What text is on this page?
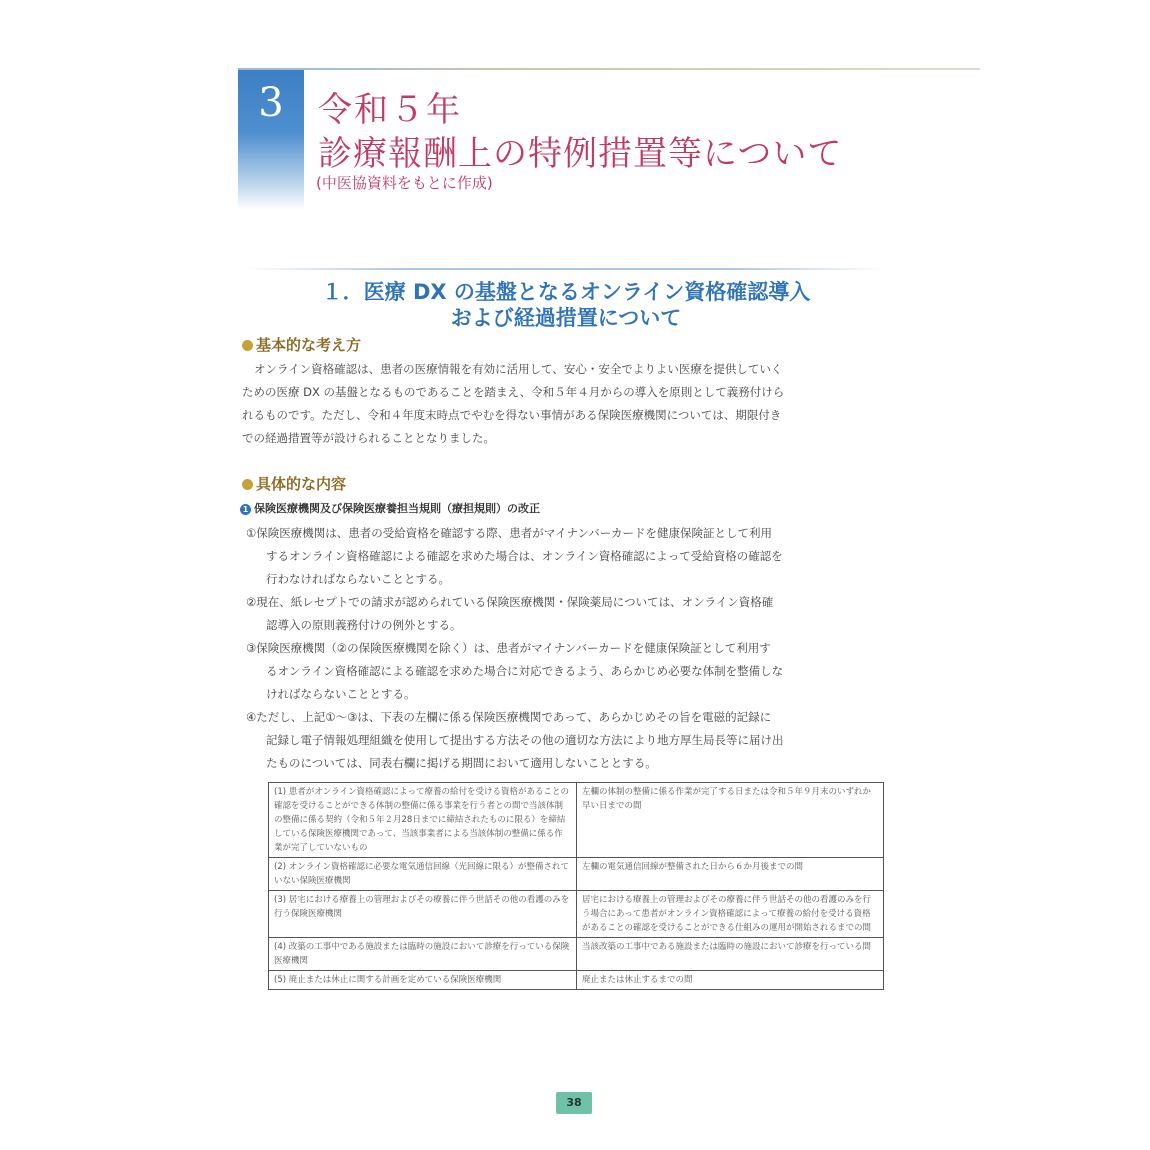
3	令和５年
診療報酬上の特例措置等について
(中医協資料をもとに作成)
１．医療 DX の基盤となるオンライン資格確認導入
および経過措置について
基本的な考え方

オンライン資格確認は、患者の医療情報を有効に活用して、安心・安全でよりよい医療を提供していく

ための医療 DX の基盤となるものであることを踏まえ、令和５年４月からの導入を原則として義務付けら

れるものです。ただし、令和４年度末時点でやむを得ない事情がある保険医療機関については、期限付き

での経過措置等が設けられることとなりました。

具体的な内容
1 保険医療機関及び保険医療養担当規則（療担規則）の改正

①保険医療機関は、患者の受給資格を確認する際、患者がマイナンバーカードを健康保険証として利用

するオンライン資格確認による確認を求めた場合は、オンライン資格確認によって受給資格の確認を

行わなければならないこととする。

②現在、紙レセプトでの請求が認められている保険医療機関・保険薬局については、オンライン資格確

認導入の原則義務付けの例外とする。

③保険医療機関（②の保険医療機関を除く）は、患者がマイナンバーカードを健康保険証として利用す

るオンライン資格確認による確認を求めた場合に対応できるよう、あらかじめ必要な体制を整備しな

ければならないこととする。

④ただし、上記①～③は、下表の左欄に係る保険医療機関であって、あらかじめその旨を電磁的記録に

記録し電子情報処理組織を使用して提出する方法その他の適切な方法により地方厚生局長等に届け出

たものについては、同表右欄に掲げる期間において適用しないこととする。

(1) 患者がオンライン資格確認によって療養の給付を受ける資格があることの確認を受けることができる体制の整備に係る事業を行う者との間で当該体制の整備に係る契約（令和５年２月28日までに締結されたものに限る）を締結している保険医療機関であって、当該事業者による当該体制の整備に係る作業が完了していないもの	左欄の体制の整備に係る作業が完了する日または令和５年９月末のいずれか早い日までの間
(2) オンライン資格確認に必要な電気通信回線（光回線に限る）が整備されていない保険医療機関	左欄の電気通信回線が整備された日から６か月後までの間
(3) 居宅における療養上の管理およびその療養に伴う世話その他の看護のみを行う保険医療機関	居宅における療養上の管理およびその療養に伴う世話その他の看護のみを行う場合にあって患者がオンライン資格確認によって療養の給付を受ける資格があることの確認を受けることができる仕組みの運用が開始されるまでの間
(4) 改築の工事中である施設または臨時の施設において診療を行っている保険医療機関	当該改築の工事中である施設または臨時の施設において診療を行っている間
(5) 廃止または休止に関する計画を定めている保険医療機関	廃止または休止するまでの間
38
